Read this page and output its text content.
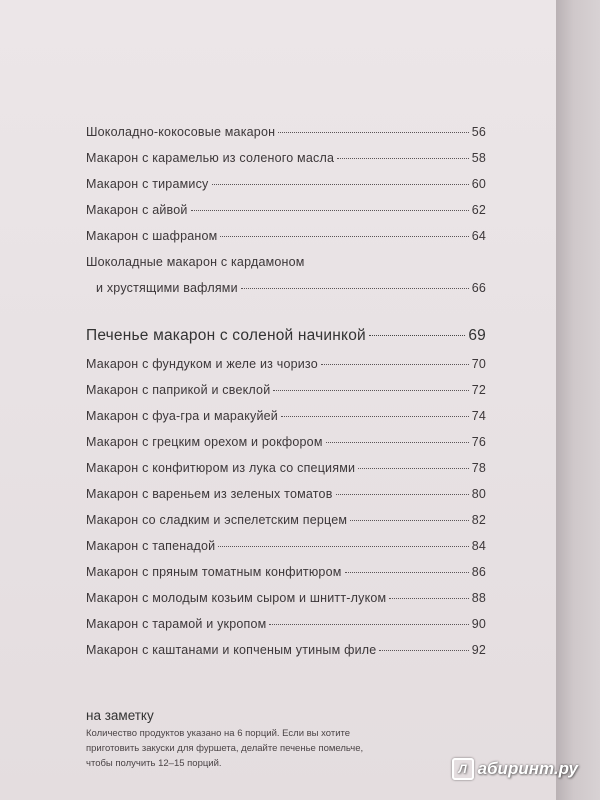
Шоколадно-кокосовые макарон	56
Макарон с карамелью из соленого масла	58
Макарон с тирамису	60
Макарон с айвой	62
Макарон с шафраном	64
Шоколадные макарон с кардамоном
и хрустящими вафлями	66
Печенье макарон с соленой начинкой	69
Макарон с фундуком и желе из чоризо	70
Макарон с паприкой и свеклой	72
Макарон с фуа-гра и маракуйей	74
Макарон с грецким орехом и рокфором	76
Макарон с конфитюром из лука со специями	78
Макарон с вареньем из зеленых томатов	80
Макарон со сладким и эспелетским перцем	82
Макарон с тапенадой	84
Макарон с пряным томатным конфитюром	86
Макарон с молодым козьим сыром и шнитт-луком	88
Макарон с тарамой и укропом	90
Макарон с каштанами и копченым утиным филе	92
на заметку
Количество продуктов указано на 6 порций. Если вы хотите
приготовить закуски для фуршета, делайте печенье помельче,
чтобы получить 12–15 порций.	Л абиринт.ру
